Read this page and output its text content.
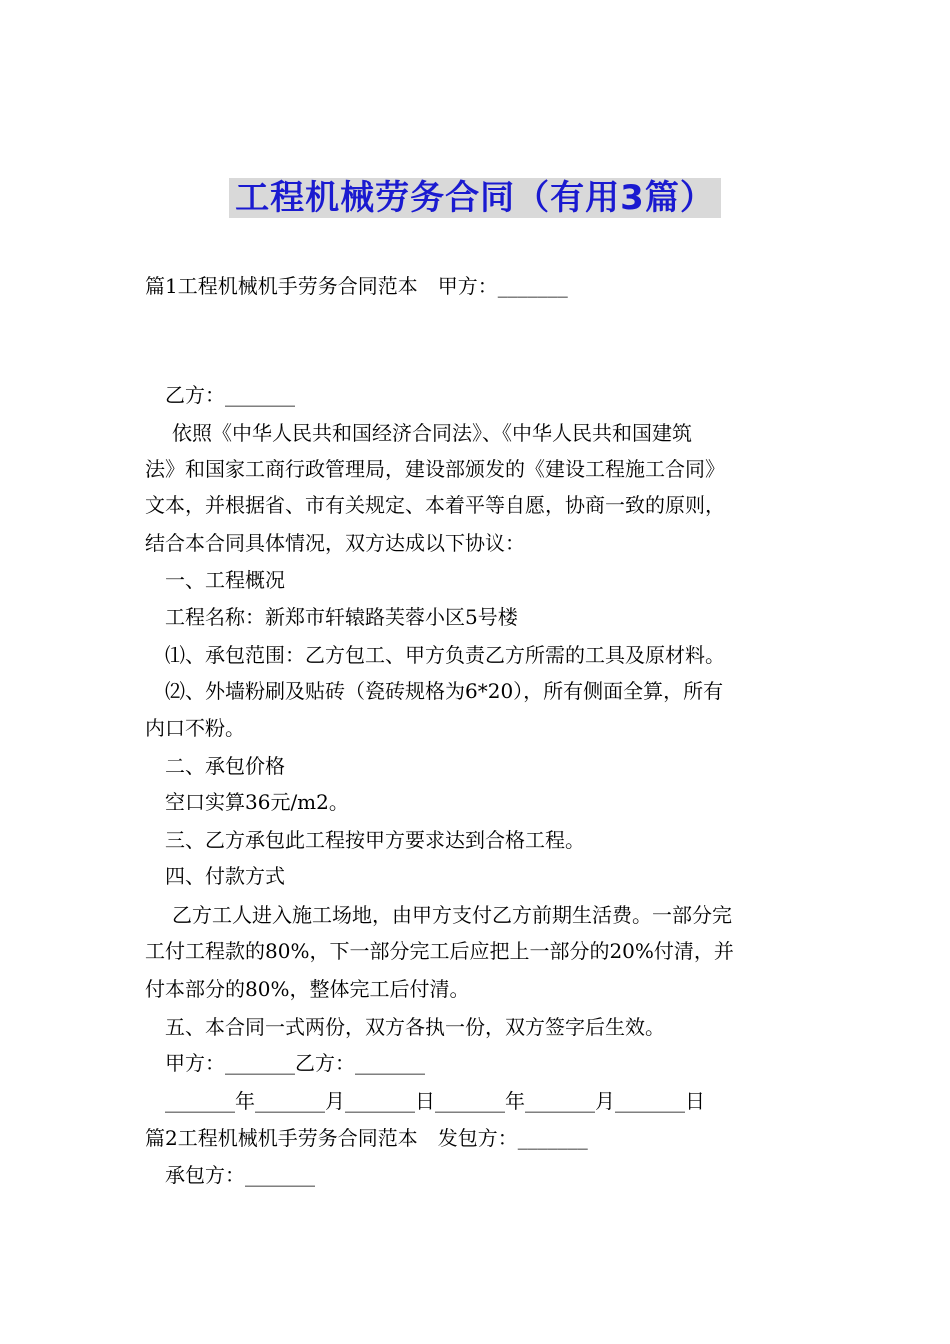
工程机械劳务合同（有用3篇）
篇1工程机械机手劳务合同范本　甲方：_______
乙方：_______
依照《中华人民共和国经济合同法》、《中华人民共和国建筑
法》和国家工商行政管理局，建设部颁发的《建设工程施工合同》
文本，并根据省、市有关规定、本着平等自愿，协商一致的原则，
结合本合同具体情况，双方达成以下协议：
一、工程概况
工程名称：新郑市轩辕路芙蓉小区5号楼
⑴、承包范围：乙方包工、甲方负责乙方所需的工具及原材料。
⑵、外墙粉刷及贴砖（瓷砖规格为6*20），所有侧面全算，所有
内口不粉。
二、承包价格
空口实算36元/m2。
三、乙方承包此工程按甲方要求达到合格工程。
四、付款方式
乙方工人进入施工场地，由甲方支付乙方前期生活费。一部分完
工付工程款的80%，下一部分完工后应把上一部分的20%付清，并
付本部分的80%，整体完工后付清。
五、本合同一式两份，双方各执一份，双方签字后生效。
甲方：_______乙方：_______
_______年_______月_______日_______年_______月_______日
篇2工程机械机手劳务合同范本　发包方：_______
承包方：_______
